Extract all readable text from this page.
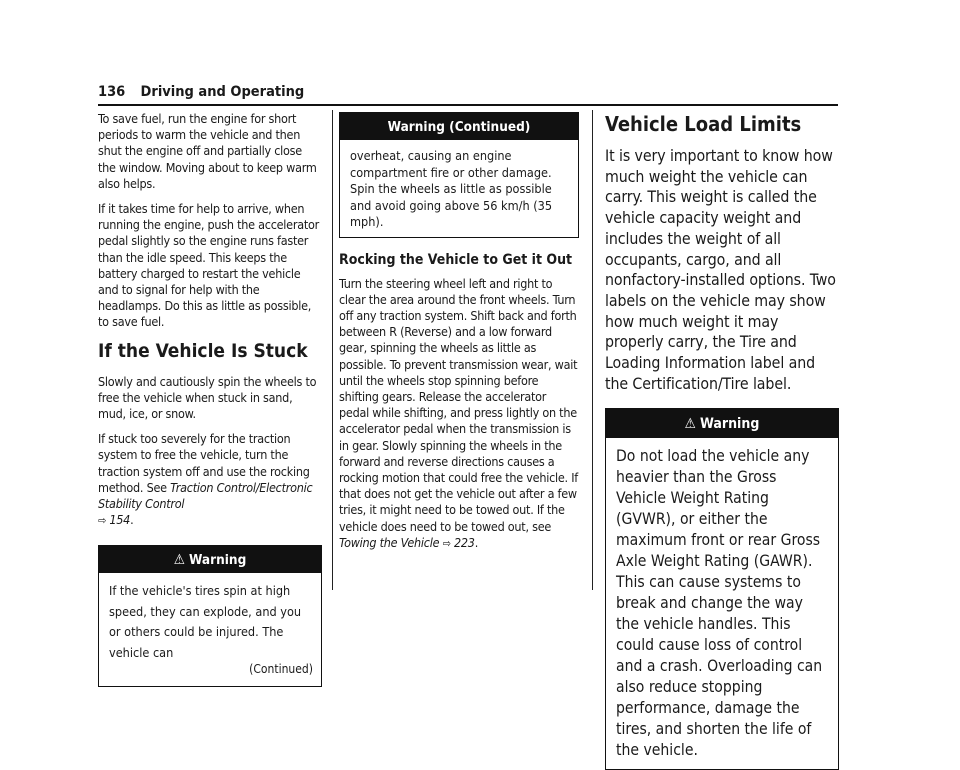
136 Driving and Operating

To save fuel, run the engine for short periods to warm the vehicle and then shut the engine off and partially close the window. Moving about to keep warm also helps.

If it takes time for help to arrive, when running the engine, push the accelerator pedal slightly so the engine runs faster than the idle speed. This keeps the battery charged to restart the vehicle and to signal for help with the headlamps. Do this as little as possible, to save fuel.

If the Vehicle Is Stuck

Slowly and cautiously spin the wheels to free the vehicle when stuck in sand, mud, ice, or snow.

If stuck too severely for the traction system to free the vehicle, turn the traction system off and use the rocking method. See Traction Control/Electronic Stability Control
⇨ 154.

⚠ Warning
If the vehicle's tires spin at high speed, they can explode, and you or others could be injured. The vehicle can
(Continued)
Warning (Continued)
overheat, causing an engine compartment fire or other damage. Spin the wheels as little as possible and avoid going above 56 km/h (35 mph).
Rocking the Vehicle to Get it Out

Turn the steering wheel left and right to clear the area around the front wheels. Turn off any traction system. Shift back and forth between R (Reverse) and a low forward gear, spinning the wheels as little as possible. To prevent transmission wear, wait until the wheels stop spinning before shifting gears. Release the accelerator pedal while shifting, and press lightly on the accelerator pedal when the transmission is in gear. Slowly spinning the wheels in the forward and reverse directions causes a rocking motion that could free the vehicle. If that does not get the vehicle out after a few tries, it might need to be towed out. If the vehicle does need to be towed out, see Towing the Vehicle ⇨ 223.

Vehicle Load Limits

It is very important to know how much weight the vehicle can carry. This weight is called the vehicle capacity weight and includes the weight of all occupants, cargo, and all nonfactory-installed options. Two labels on the vehicle may show how much weight it may properly carry, the Tire and Loading Information label and the Certification/Tire label.

⚠ Warning
Do not load the vehicle any heavier than the Gross Vehicle Weight Rating (GVWR), or either the maximum front or rear Gross Axle Weight Rating (GAWR). This can cause systems to break and change the way the vehicle handles. This could cause loss of control and a crash. Overloading can also reduce stopping performance, damage the tires, and shorten the life of the vehicle.
